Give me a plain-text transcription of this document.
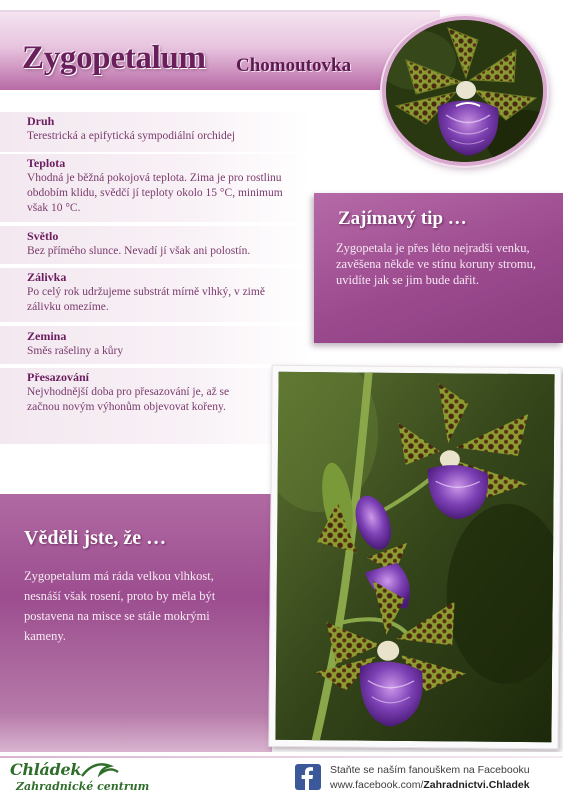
Zygopetalum Chomoutovka
Druh
Terestrická a epifytická sympodiální orchidej
Teplota
Vhodná je běžná pokojová teplota. Zima je pro rostlinu obdobím klidu, svědčí jí teploty okolo 15 °C, minimum však 10 °C.
Světlo
Bez přímého slunce. Nevadí jí však ani polostín.
Zálivka
Po celý rok udržujeme substrát mírně vlhký, v zimě zálivku omezíme.
Zemina
Směs rašeliny a kůry
Přesazování
Nejvhodnější doba pro přesazování je, až se začnou novým výhonům objevovat kořeny.
Zajímavý tip …
Zygopetala je přes léto nejradši venku, zavěšena někde ve stínu koruny stromu, uvidíte jak se jim bude dařit.
Věděli jste, že …
Zygopetalum má ráda velkou vlhkost, nesnáší však rosení, proto by měla být postavena na misce se stále mokrými kameny.
Chládek
Zahradnické centrum
Staňte se naším fanouškem na Facebooku
www.facebook.com/Zahradnictvi.Chladek
